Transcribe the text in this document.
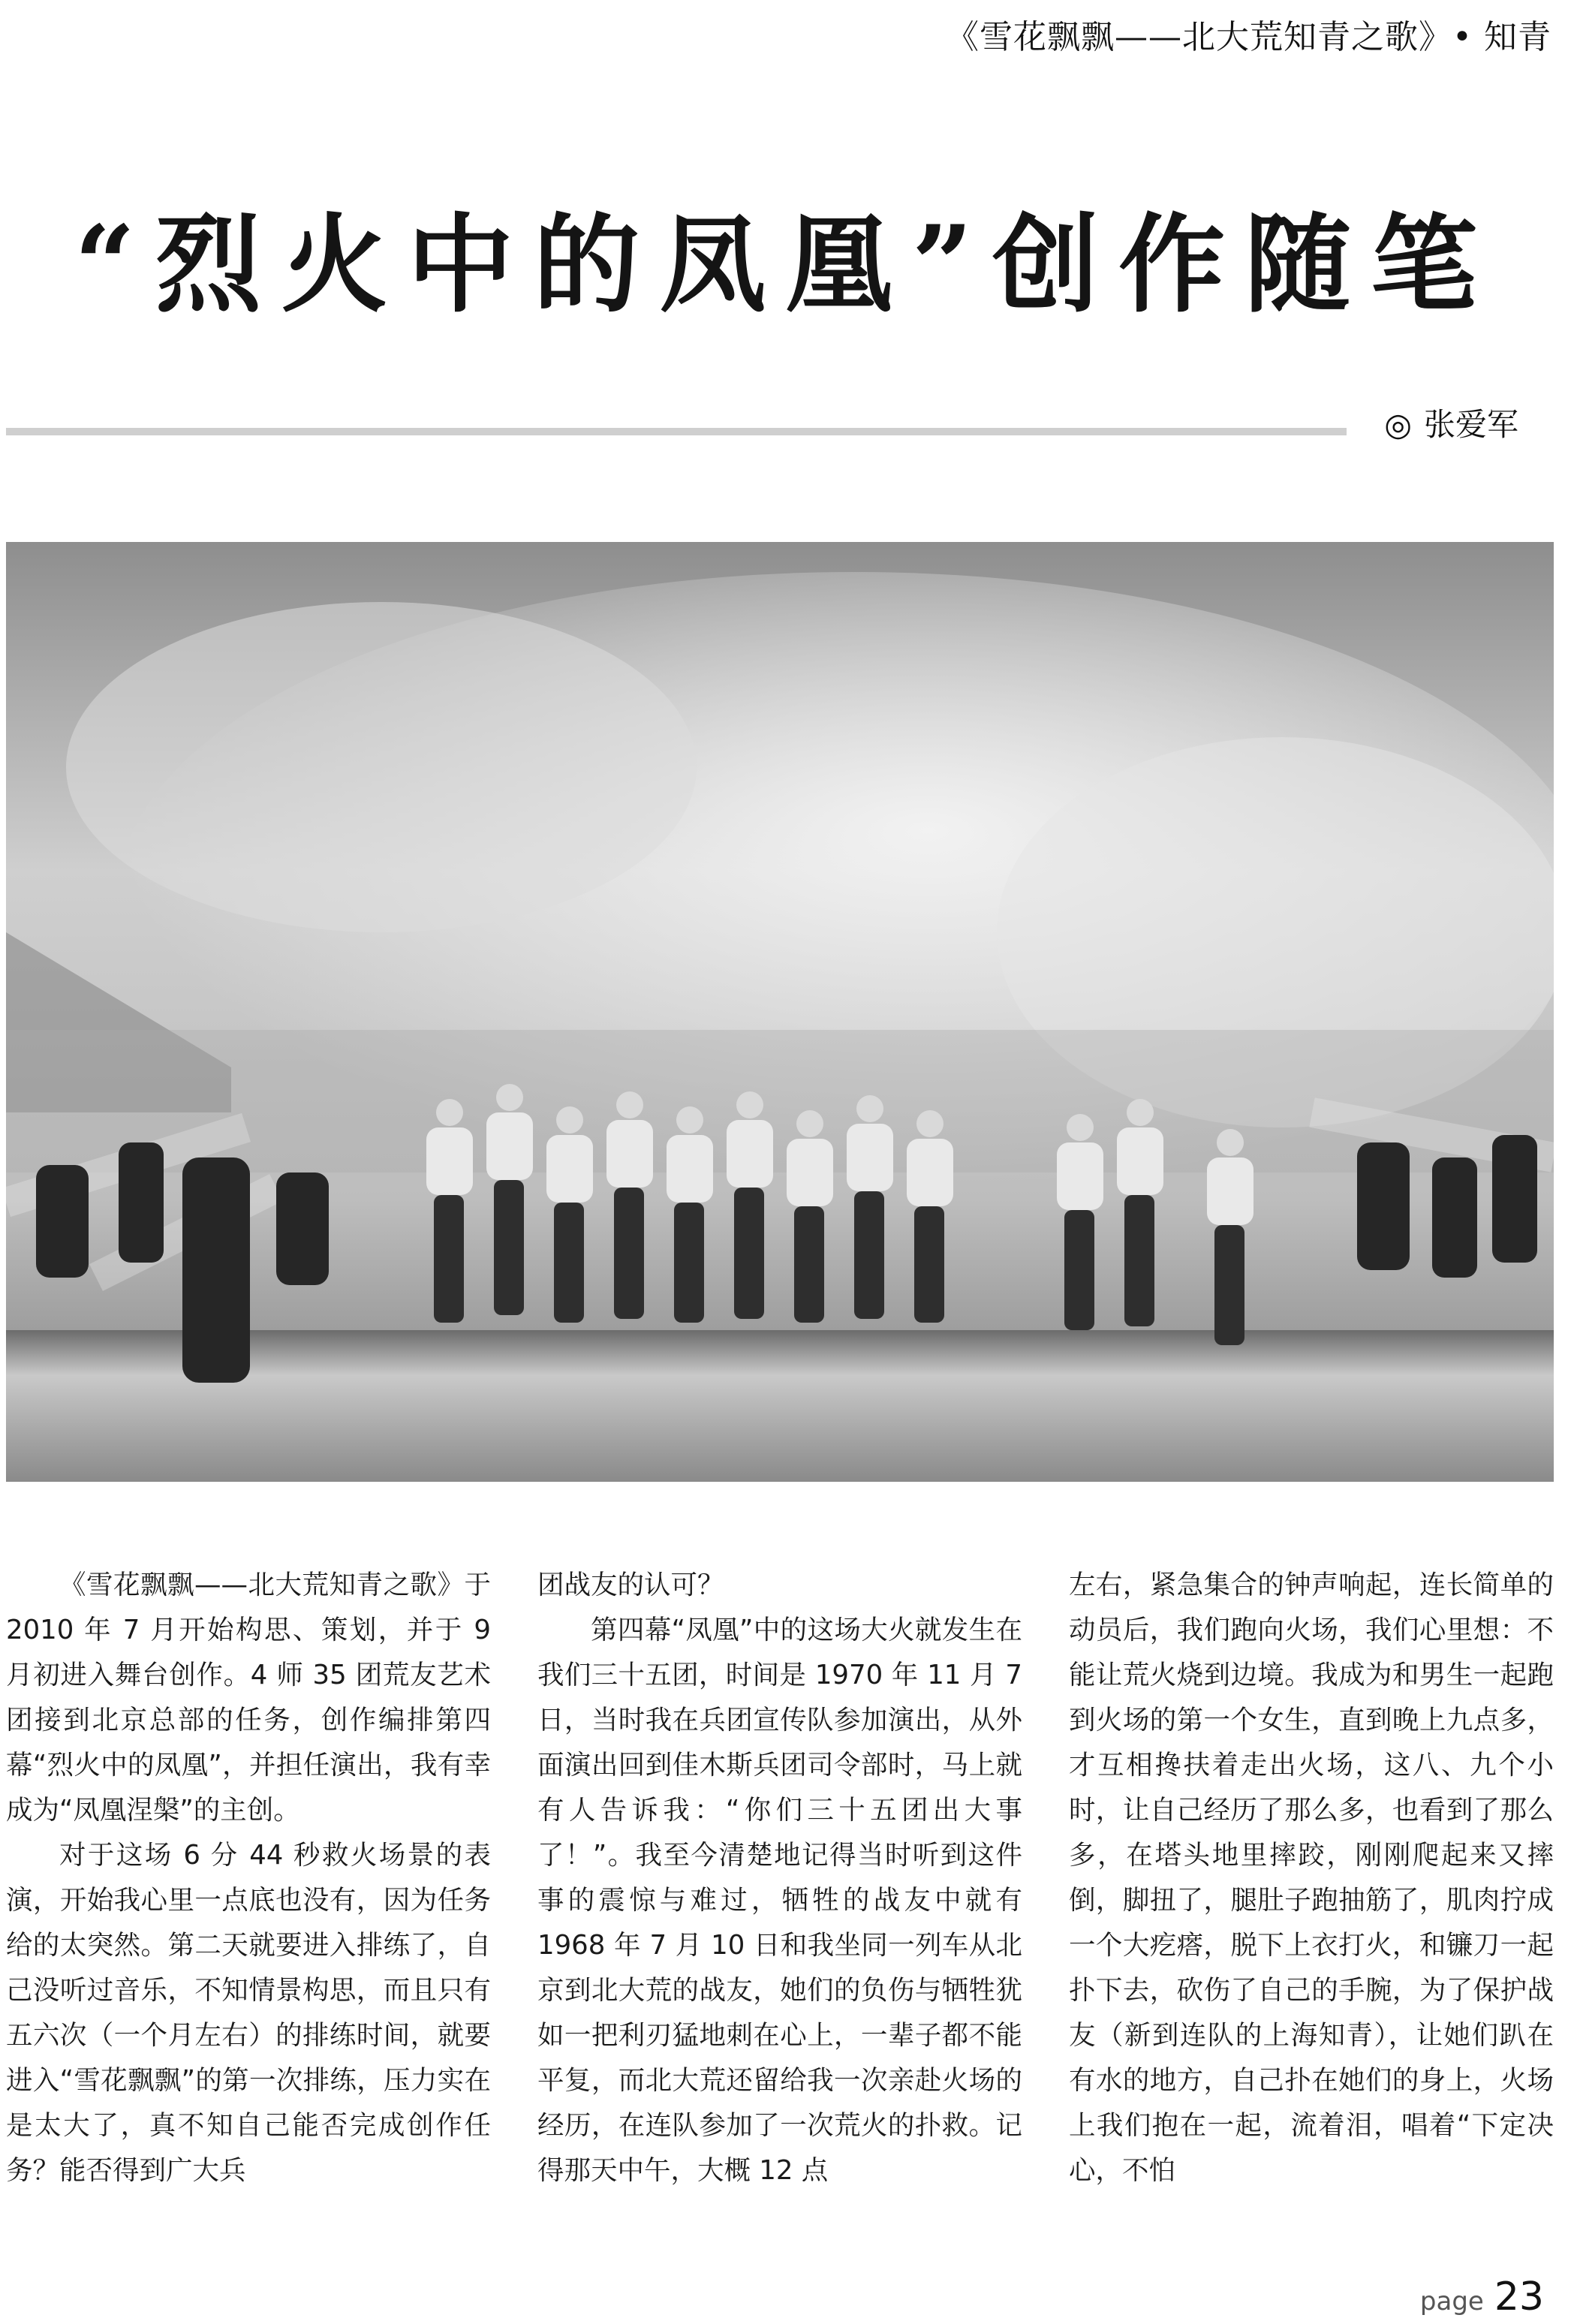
《雪花飘飘——北大荒知青之歌》• 知青
“烈火中的凤凰”创作随笔
◎ 张爱军

《雪花飘飘——北大荒知青之歌》于 2010 年 7 月开始构思、策划，并于 9 月初进入舞台创作。4 师 35 团荒友艺术团接到北京总部的任务，创作编排第四幕“烈火中的凤凰”，并担任演出，我有幸成为“凤凰涅槃”的主创。

对于这场 6 分 44 秒救火场景的表演，开始我心里一点底也没有，因为任务给的太突然。第二天就要进入排练了，自己没听过音乐，不知情景构思，而且只有五六次（一个月左右）的排练时间，就要进入“雪花飘飘”的第一次排练，压力实在是太大了，真不知自己能否完成创作任务？能否得到广大兵

团战友的认可？

第四幕“凤凰”中的这场大火就发生在我们三十五团，时间是 1970 年 11 月 7 日，当时我在兵团宣传队参加演出，从外面演出回到佳木斯兵团司令部时，马上就有人告诉我：“你们三十五团出大事了！”。我至今清楚地记得当时听到这件事的震惊与难过，牺牲的战友中就有 1968 年 7 月 10 日和我坐同一列车从北京到北大荒的战友，她们的负伤与牺牲犹如一把利刃猛地刺在心上，一辈子都不能平复，而北大荒还留给我一次亲赴火场的经历，在连队参加了一次荒火的扑救。记得那天中午，大概 12 点

左右，紧急集合的钟声响起，连长简单的动员后，我们跑向火场，我们心里想：不能让荒火烧到边境。我成为和男生一起跑到火场的第一个女生，直到晚上九点多，才互相搀扶着走出火场，这八、九个小时，让自己经历了那么多，也看到了那么多，在塔头地里摔跤，刚刚爬起来又摔倒，脚扭了，腿肚子跑抽筋了，肌肉拧成一个大疙瘩，脱下上衣打火，和镰刀一起扑下去，砍伤了自己的手腕，为了保护战友（新到连队的上海知青），让她们趴在有水的地方，自己扑在她们的身上，火场上我们抱在一起，流着泪，唱着“下定决心，不怕

page 23
